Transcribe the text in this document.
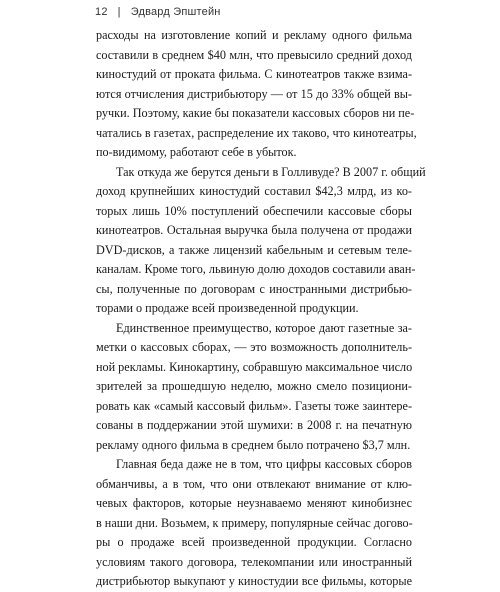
12 | Эдвард Эпштейн
расходы на изготовление копий и рекламу одного фильма
составили в среднем $40 млн, что превысило средний доход
киностудий от проката фильма. С кинотеатров также взима-
ются отчисления дистрибьютору — от 15 до 33% общей вы-
ручки. Поэтому, какие бы показатели кассовых сборов ни пе-
чатались в газетах, распределение их таково, что кинотеатры,
по-видимому, работают себе в убыток.
Так откуда же берутся деньги в Голливуде? В 2007 г. общий
доход крупнейших киностудий составил $42,3 млрд, из ко-
торых лишь 10% поступлений обеспечили кассовые сборы
кинотеатров. Остальная выручка была получена от продажи
DVD-дисков, а также лицензий кабельным и сетевым теле-
каналам. Кроме того, львиную долю доходов составили аван-
сы, полученные по договорам с иностранными дистрибью-
торами о продаже всей произведенной продукции.
Единственное преимущество, которое дают газетные за-
метки о кассовых сборах, — это возможность дополнитель-
ной рекламы. Кинокартину, собравшую максимальное число
зрителей за прошедшую неделю, можно смело позициони-
ровать как «самый кассовый фильм». Газеты тоже заинтере-
сованы в поддержании этой шумихи: в 2008 г. на печатную
рекламу одного фильма в среднем было потрачено $3,7 млн.
Главная беда даже не в том, что цифры кассовых сборов
обманчивы, а в том, что они отвлекают внимание от клю-
чевых факторов, которые неузнаваемо меняют кинобизнес
в наши дни. Возьмем, к примеру, популярные сейчас догово-
ры о продаже всей произведенной продукции. Согласно
условиям такого договора, телекомпании или иностранный
дистрибьютор выкупают у киностудии все фильмы, которые
